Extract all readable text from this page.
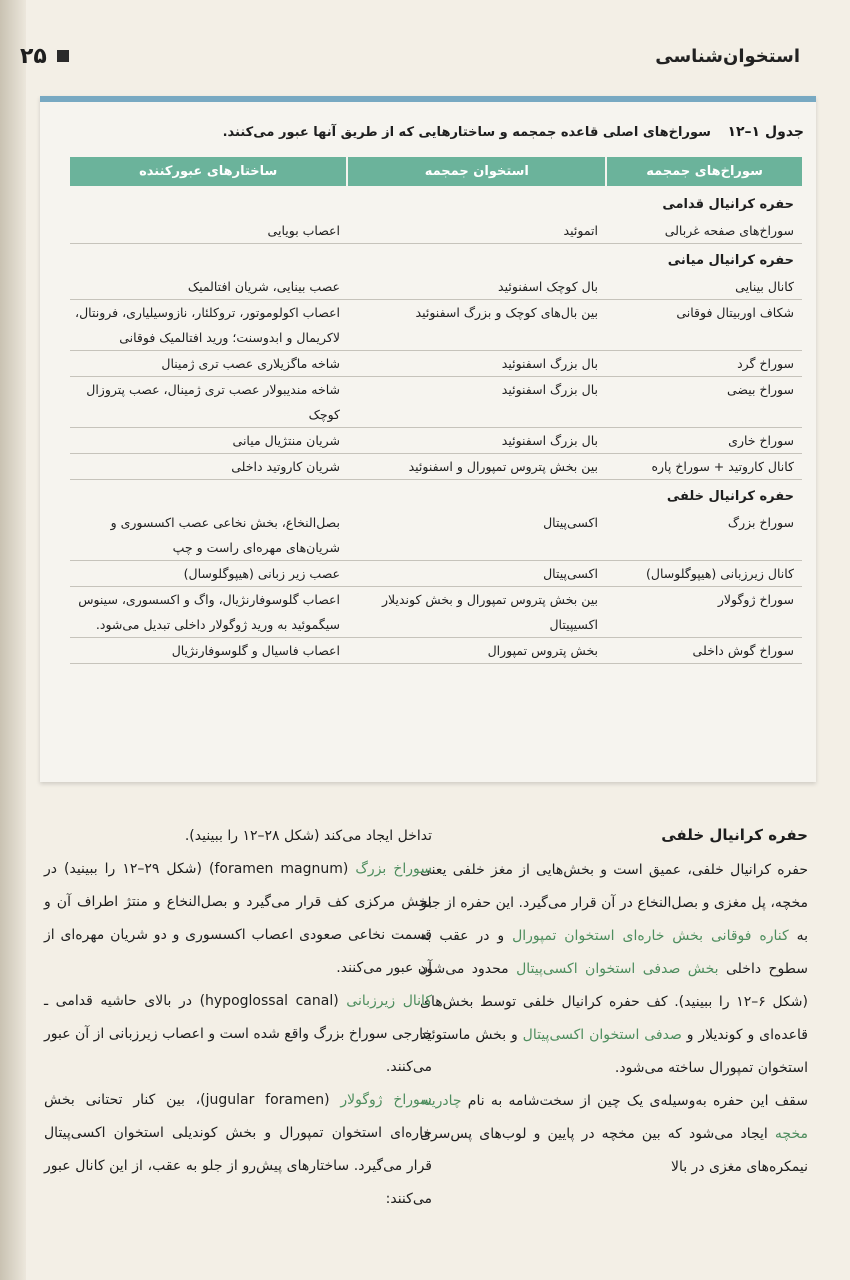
استخوان‌شناسی
۲۵
جدول ۱–۱۲ سوراخ‌های اصلی قاعده جمجمه و ساختارهایی که از طریق آنها عبور می‌کنند.
سوراخ‌های جمجمه
استخوان جمجمه
ساختارهای عبورکننده
حفره کرانیال قدامی
سوراخ‌های صفحه غربالی
اتموئید
اعصاب بویایی
حفره کرانیال میانی
کانال بینایی
بال کوچک اسفنوئید
عصب بینایی، شریان افتالمیک
شکاف اوربیتال فوقانی
بین بال‌های کوچک و بزرگ اسفنوئید
اعصاب اکولوموتور، تروکلئار، نازوسیلیاری، فرونتال، لاکریمال و ابدوسنت؛ ورید افتالمیک فوقانی
سوراخ گرد
بال بزرگ اسفنوئید
شاخه ماگزیلاری عصب تری ژمینال
سوراخ بیضی
بال بزرگ اسفنوئید
شاخه مندیبولار عصب تری ژمینال، عصب پتروزال کوچک
سوراخ خاری
بال بزرگ اسفنوئید
شریان منتژیال میانی
کانال کاروتید + سوراخ پاره
بین بخش پتروس تمپورال و اسفنوئید
شریان کاروتید داخلی
حفره کرانیال خلفی
سوراخ بزرگ
اکسی‌پیتال
بصل‌النخاع، بخش نخاعی عصب اکسسوری و شریان‌های مهره‌ای راست و چپ
کانال زیرزبانی (هیپوگلوسال)
اکسی‌پیتال
عصب زیر زبانی (هیپوگلوسال)
سوراخ ژوگولار
بین بخش پتروس تمپورال و بخش کوندیلار اکسیپیتال
اعصاب گلوسوفارنژیال، واگ و اکسسوری، سینوس سیگموئید به ورید ژوگولار داخلی تبدیل می‌شود.
سوراخ گوش داخلی
بخش پتروس تمپورال
اعصاب فاسیال و گلوسوفارنژیال
حفره کرانیال خلفی

حفره کرانیال خلفی، عمیق است و بخش‌هایی از مغز خلفی یعنی مخچه، پل مغزی و بصل‌النخاع در آن قرار می‌گیرد. این حفره از جلو به کناره فوقانی بخش خاره‌ای استخوان تمپورال و در عقب به سطوح داخلی بخش صدفی استخوان اکسی‌پیتال محدود می‌شود (شکل ۶–۱۲ را ببینید). کف حفره کرانیال خلفی توسط بخش‌های قاعده‌ای و کوندیلار و صدفی استخوان اکسی‌پیتال و بخش ماستوئید استخوان تمپورال ساخته می‌شود.

سقف این حفره به‌وسیله‌ی یک چین از سخت‌شامه به نام چادرینه مخچه ایجاد می‌شود که بین مخچه در پایین و لوب‌های پس‌سری نیمکره‌های مغزی در بالا

تداخل ایجاد می‌کند (شکل ۲۸–۱۲ را ببینید).

سوراخ بزرگ (foramen magnum) (شکل ۲۹–۱۲ را ببینید) در بخش مرکزی کف قرار می‌گیرد و بصل‌النخاع و منتژ اطراف آن و قسمت نخاعی صعودی اعصاب اکسسوری و دو شریان مهره‌ای از آن عبور می‌کنند.

کانال زیرزبانی (hypoglossal canal) در بالای حاشیه قدامی ـ خارجی سوراخ بزرگ واقع شده است و اعصاب زیرزبانی از آن عبور می‌کنند.

سوراخ ژوگولار (jugular foramen)، بین کنار تحتانی بخش خاره‌ای استخوان تمپورال و بخش کوندیلی استخوان اکسی‌پیتال قرار می‌گیرد. ساختارهای پیش‌رو از جلو به عقب، از این کانال عبور می‌کنند:
